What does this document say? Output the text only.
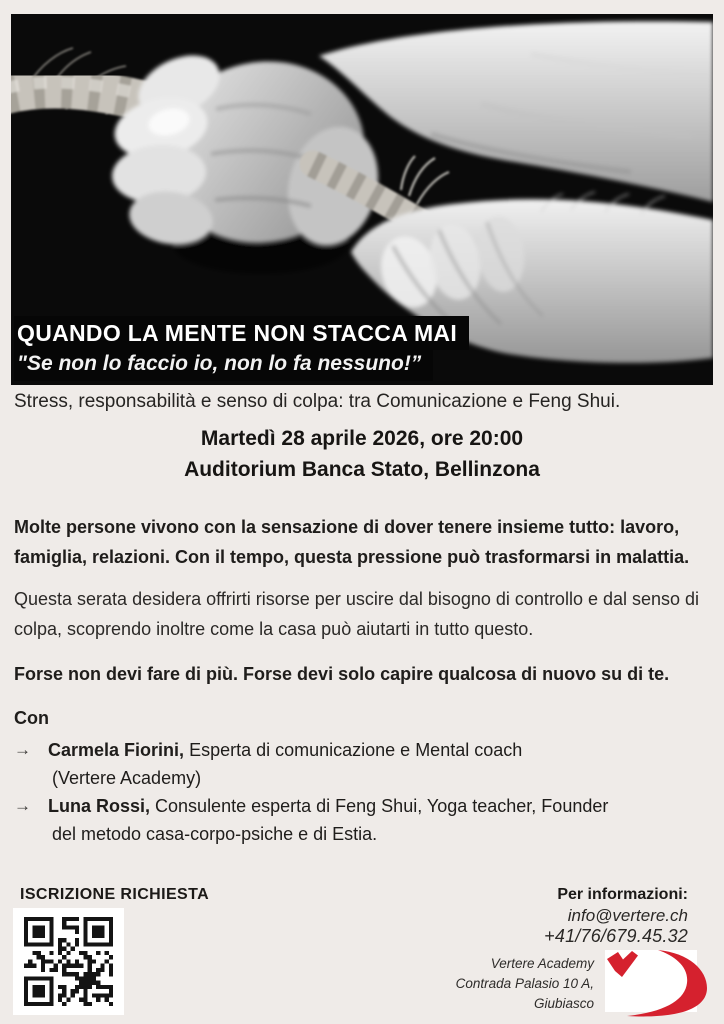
QUANDO LA MENTE NON STACCA MAI
"Se non lo faccio io, non lo fa nessuno!”
Stress, responsabilità e senso di colpa: tra Comunicazione e Feng Shui.
Martedì 28 aprile 2026, ore 20:00
Auditorium Banca Stato, Bellinzona

Molte persone vivono con la sensazione di dover tenere insieme tutto: lavoro, famiglia, relazioni. Con il tempo, questa pressione può trasformarsi in malattia.

Questa serata desidera offrirti risorse per uscire dal bisogno di controllo e dal senso di colpa, scoprendo inoltre come la casa può aiutarti in tutto questo.

Forse non devi fare di più. Forse devi solo capire qualcosa di nuovo su di te.

Con
→ Carmela Fiorini, Esperta di comunicazione e Mental coach
(Vertere Academy)
→ Luna Rossi, Consulente esperta di Feng Shui, Yoga teacher, Founder
del metodo casa-corpo-psiche e di Estia.
ISCRIZIONE RICHIESTA	Per informazioni:
info@vertere.ch
+41/76/679.45.32
Vertere Academy
Contrada Palasio 10 A,
Giubiasco
